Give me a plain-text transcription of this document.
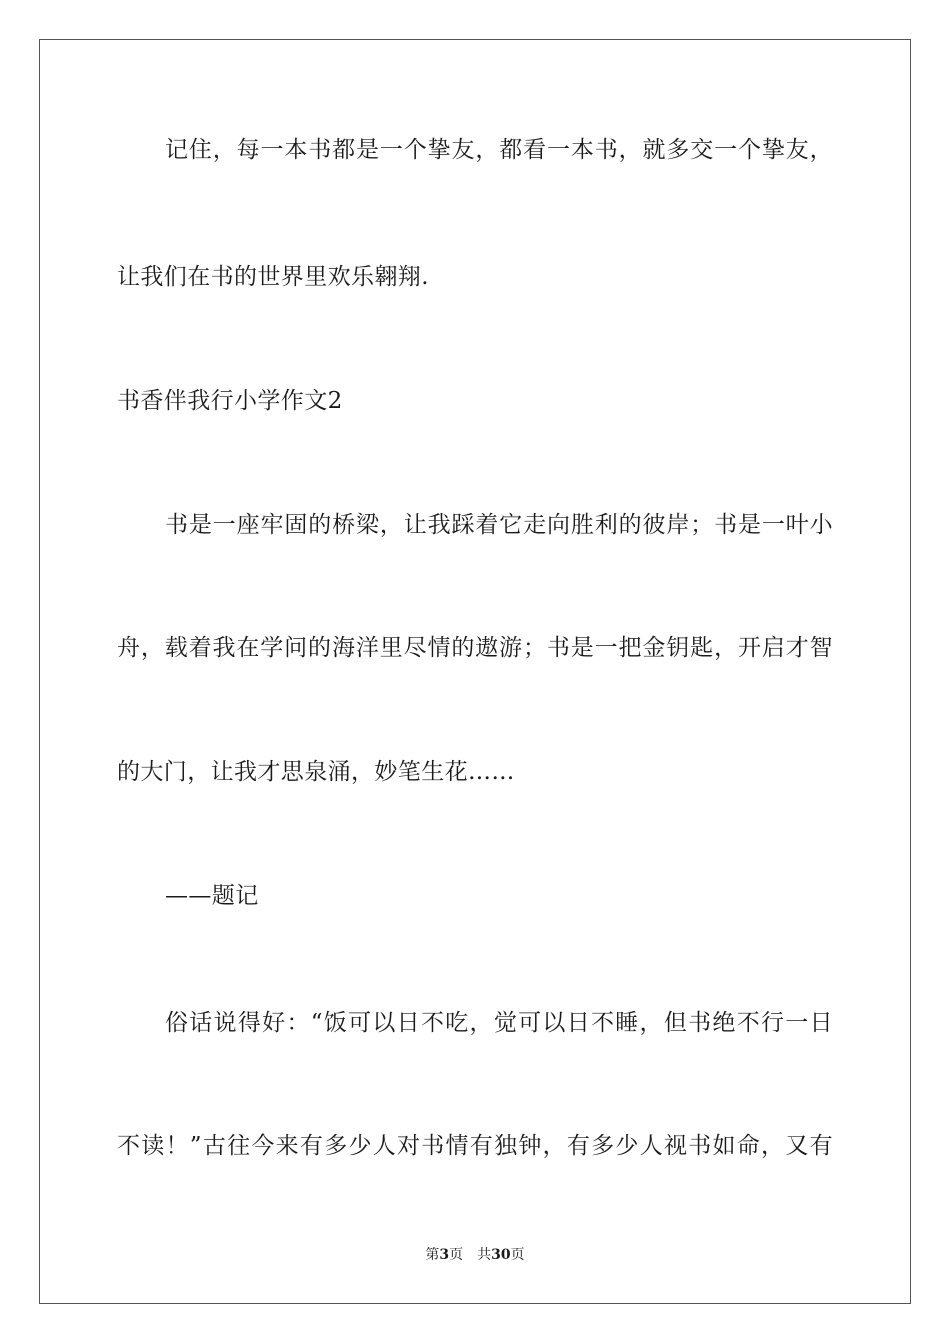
记住，每一本书都是一个挚友，都看一本书，就多交一个挚友，
让我们在书的世界里欢乐翱翔.
书香伴我行小学作文2
书是一座牢固的桥梁，让我踩着它走向胜利的彼岸；书是一叶小
舟，载着我在学问的海洋里尽情的遨游；书是一把金钥匙，开启才智
的大门，让我才思泉涌，妙笔生花……
——题记
俗话说得好：“饭可以日不吃，觉可以日不睡，但书绝不行一日
不读！”古往今来有多少人对书情有独钟，有多少人视书如命，又有
第3页 共30页
